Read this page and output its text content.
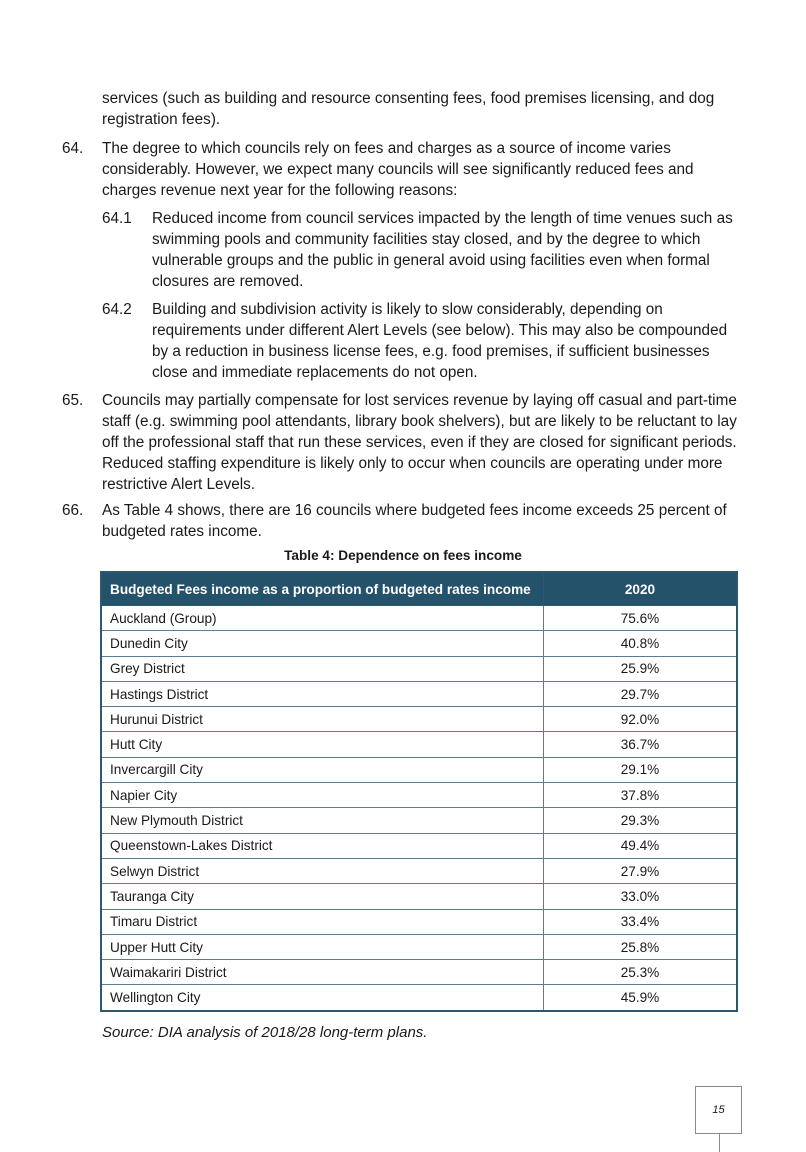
services (such as building and resource consenting fees, food premises licensing, and dog registration fees).

64.	The degree to which councils rely on fees and charges as a source of income varies considerably. However, we expect many councils will see significantly reduced fees and charges revenue next year for the following reasons:

64.1	Reduced income from council services impacted by the length of time venues such as swimming pools and community facilities stay closed, and by the degree to which vulnerable groups and the public in general avoid using facilities even when formal closures are removed.

64.2	Building and subdivision activity is likely to slow considerably, depending on requirements under different Alert Levels (see below). This may also be compounded by a reduction in business license fees, e.g. food premises, if sufficient businesses close and immediate replacements do not open.

65.	Councils may partially compensate for lost services revenue by laying off casual and part-time staff (e.g. swimming pool attendants, library book shelvers), but are likely to be reluctant to lay off the professional staff that run these services, even if they are closed for significant periods. Reduced staffing expenditure is likely only to occur when councils are operating under more restrictive Alert Levels.

66.	As Table 4 shows, there are 16 councils where budgeted fees income exceeds 25 percent of budgeted rates income.

Table 4: Dependence on fees income
Budgeted Fees income as a proportion of budgeted rates income	2020
Auckland (Group)	75.6%
Dunedin City	40.8%
Grey District	25.9%
Hastings District	29.7%
Hurunui District	92.0%
Hutt City	36.7%
Invercargill City	29.1%
Napier City	37.8%
New Plymouth District	29.3%
Queenstown-Lakes District	49.4%
Selwyn District	27.9%
Tauranga City	33.0%
Timaru District	33.4%
Upper Hutt City	25.8%
Waimakariri District	25.3%
Wellington City	45.9%

Source: DIA analysis of 2018/28 long-term plans.

15
